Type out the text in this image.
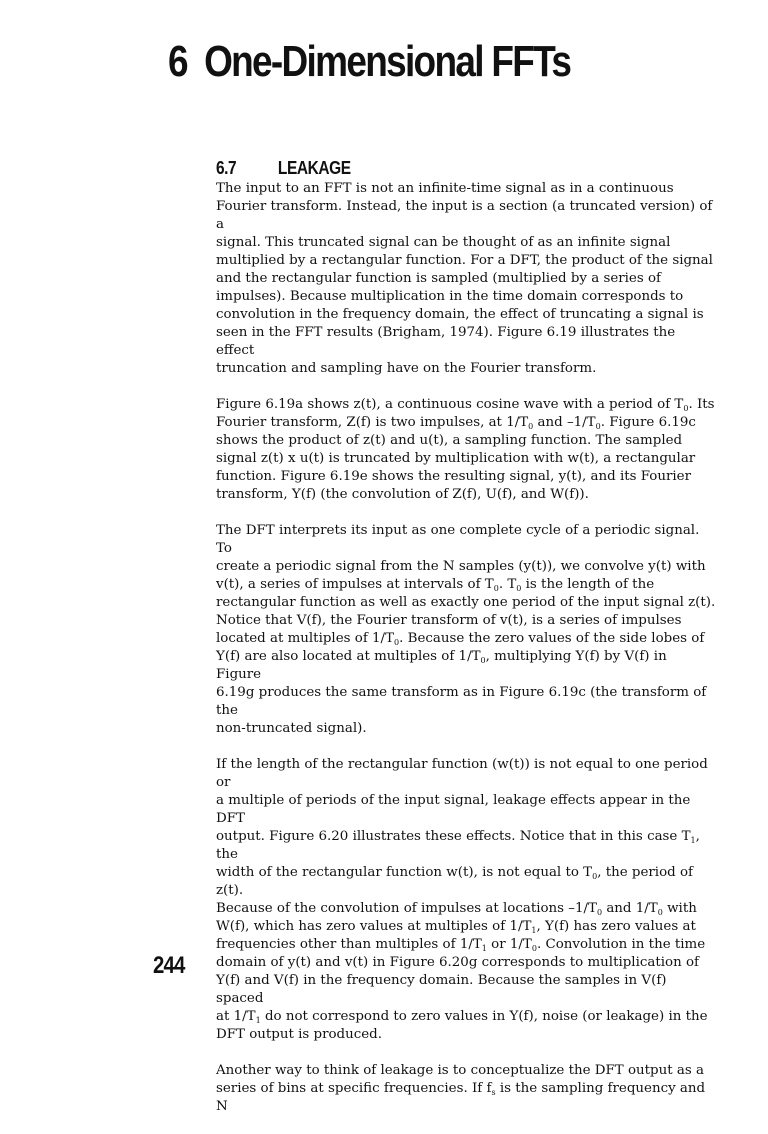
6 One-Dimensional FFTs
6.7 LEAKAGE

The input to an FFT is not an infinite-time signal as in a continuous
Fourier transform. Instead, the input is a section (a truncated version) of a
signal. This truncated signal can be thought of as an infinite signal
multiplied by a rectangular function. For a DFT, the product of the signal
and the rectangular function is sampled (multiplied by a series of
impulses). Because multiplication in the time domain corresponds to
convolution in the frequency domain, the effect of truncating a signal is
seen in the FFT results (Brigham, 1974). Figure 6.19 illustrates the effect
truncation and sampling have on the Fourier transform.

Figure 6.19a shows z(t), a continuous cosine wave with a period of $T_0$. Its
Fourier transform, Z(f) is two impulses, at $1/T_0$ and $-1/T_0$. Figure 6.19c
shows the product of z(t) and u(t), a sampling function. The sampled
signal z(t) x u(t) is truncated by multiplication with w(t), a rectangular
function. Figure 6.19e shows the resulting signal, y(t), and its Fourier
transform, Y(f) (the convolution of Z(f), U(f), and W(f)).

The DFT interprets its input as one complete cycle of a periodic signal. To
create a periodic signal from the N samples (y(t)), we convolve y(t) with
v(t), a series of impulses at intervals of $T_0$. $T_0$ is the length of the
rectangular function as well as exactly one period of the input signal z(t).
Notice that V(f), the Fourier transform of v(t), is a series of impulses
located at multiples of $1/T_0$. Because the zero values of the side lobes of
Y(f) are also located at multiples of $1/T_0$, multiplying Y(f) by V(f) in Figure
6.19g produces the same transform as in Figure 6.19c (the transform of the
non-truncated signal).

If the length of the rectangular function (w(t)) is not equal to one period or
a multiple of periods of the input signal, leakage effects appear in the DFT
output. Figure 6.20 illustrates these effects. Notice that in this case $T_1$, the
width of the rectangular function w(t), is not equal to $T_0$, the period of z(t).
Because of the convolution of impulses at locations $-1/T_0$ and $1/T_0$ with
W(f), which has zero values at multiples of $1/T_1$, Y(f) has zero values at
frequencies other than multiples of $1/T_1$ or $1/T_0$. Convolution in the time
domain of y(t) and v(t) in Figure 6.20g corresponds to multiplication of
Y(f) and V(f) in the frequency domain. Because the samples in V(f) spaced
at $1/T_1$ do not correspond to zero values in Y(f), noise (or leakage) in the
DFT output is produced.

Another way to think of leakage is to conceptualize the DFT output as a
series of bins at specific frequencies. If $f_s$ is the sampling frequency and N

244
